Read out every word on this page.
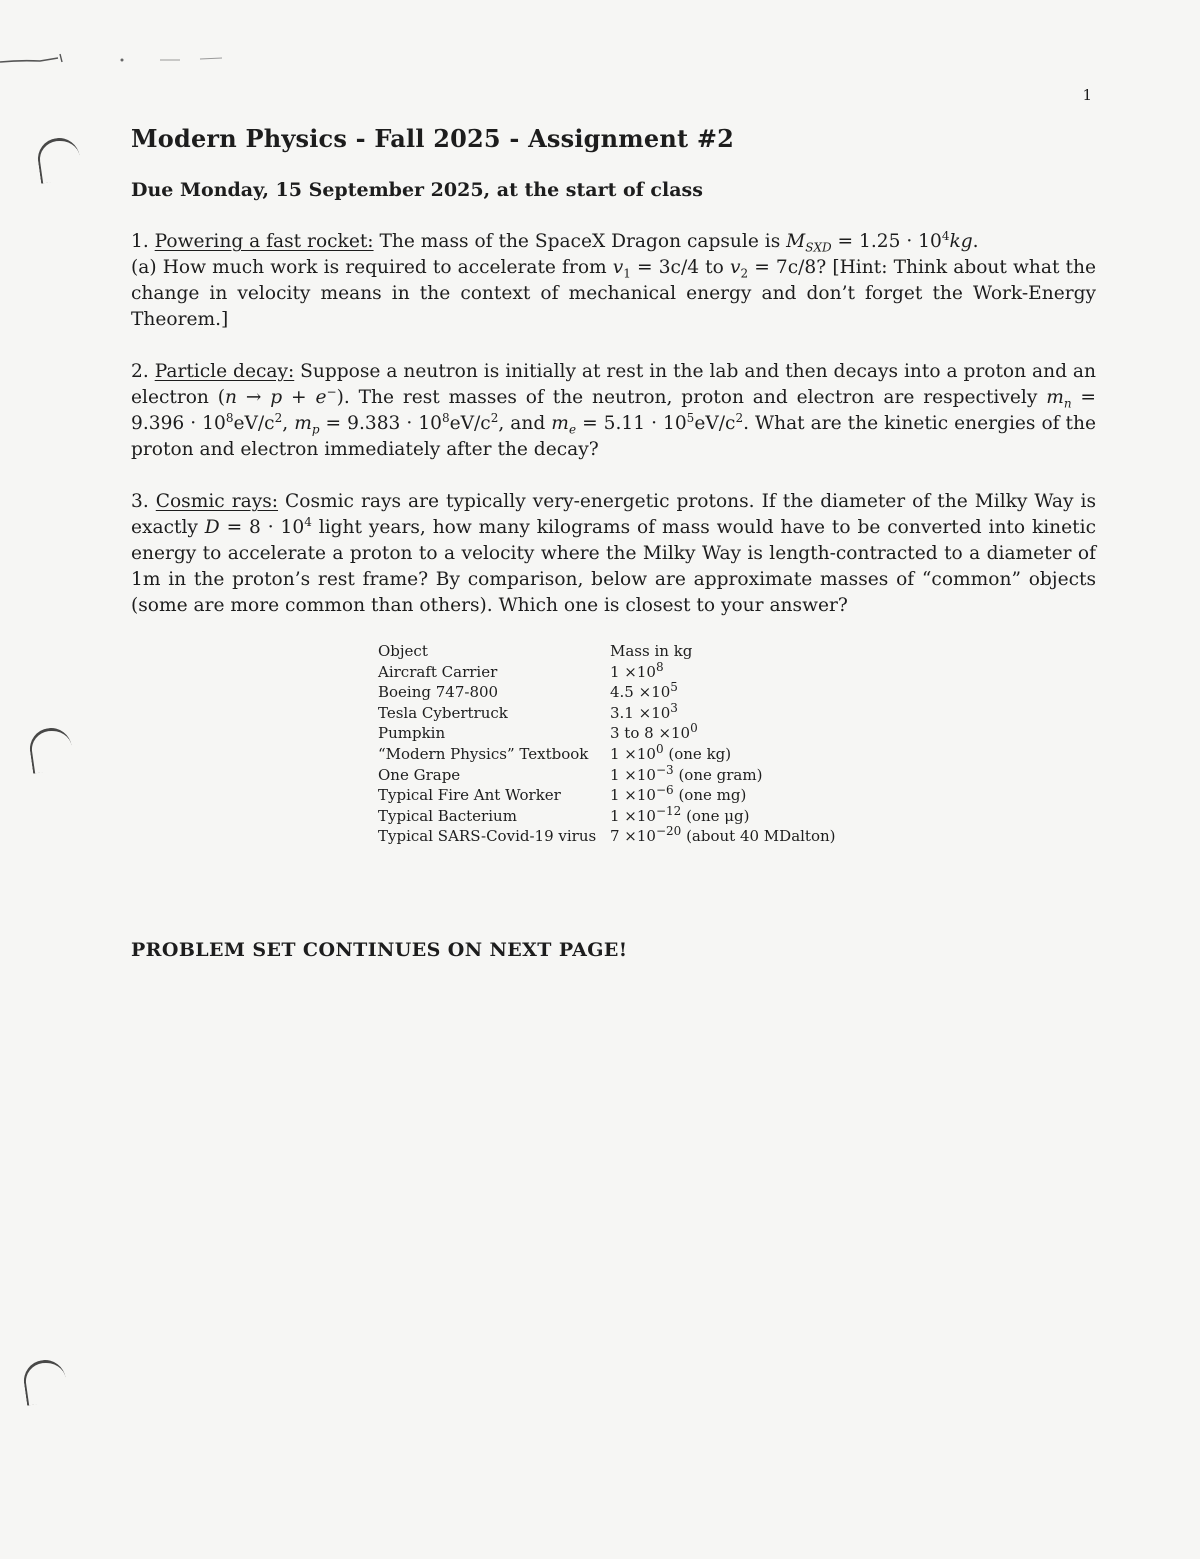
1
Modern Physics - Fall 2025 - Assignment #2

Due Monday, 15 September 2025, at the start of class

1. Powering a fast rocket: The mass of the SpaceX Dragon capsule is $M_{SXD} = 1.25 \cdot 10^4kg$.
(a) How much work is required to accelerate from $v_1 = 3c/4$ to $v_2 = 7c/8$? [Hint: Think about what the change in velocity means in the context of mechanical energy and don’t forget the Work-Energy Theorem.]

2. Particle decay: Suppose a neutron is initially at rest in the lab and then decays into a proton and an electron (n → p + e−). The rest masses of the neutron, proton and electron are respectively $m_n = 9.396 \cdot 10^8eV/c^2$, $m_p = 9.383 \cdot 10^8eV/c^2$, and $m_e = 5.11 \cdot 10^5eV/c^2$. What are the kinetic energies of the proton and electron immediately after the decay?

3. Cosmic rays: Cosmic rays are typically very-energetic protons. If the diameter of the Milky Way is exactly $D = 8 \cdot 10^4$ light years, how many kilograms of mass would have to be converted into kinetic energy to accelerate a proton to a velocity where the Milky Way is length-contracted to a diameter of 1m in the proton’s rest frame? By comparison, below are approximate masses of “common” objects (some are more common than others). Which one is closest to your answer?

Object	Mass in kg
Aircraft Carrier	$1 \times 10^8$
Boeing 747-800	$4.5 \times 10^5$
Tesla Cybertruck	$3.1 \times 10^3$
Pumpkin	3 to $8 \times 10^0$
“Modern Physics” Textbook	$1 \times 10^0$ (one kg)
One Grape	$1 \times 10^{-3}$ (one gram)
Typical Fire Ant Worker	$1 \times 10^{-6}$ (one mg)
Typical Bacterium	$1 \times 10^{-12}$ (one μg)
Typical SARS-Covid-19 virus	$7 \times 10^{-20}$ (about 40 MDalton)
PROBLEM SET CONTINUES ON NEXT PAGE!
